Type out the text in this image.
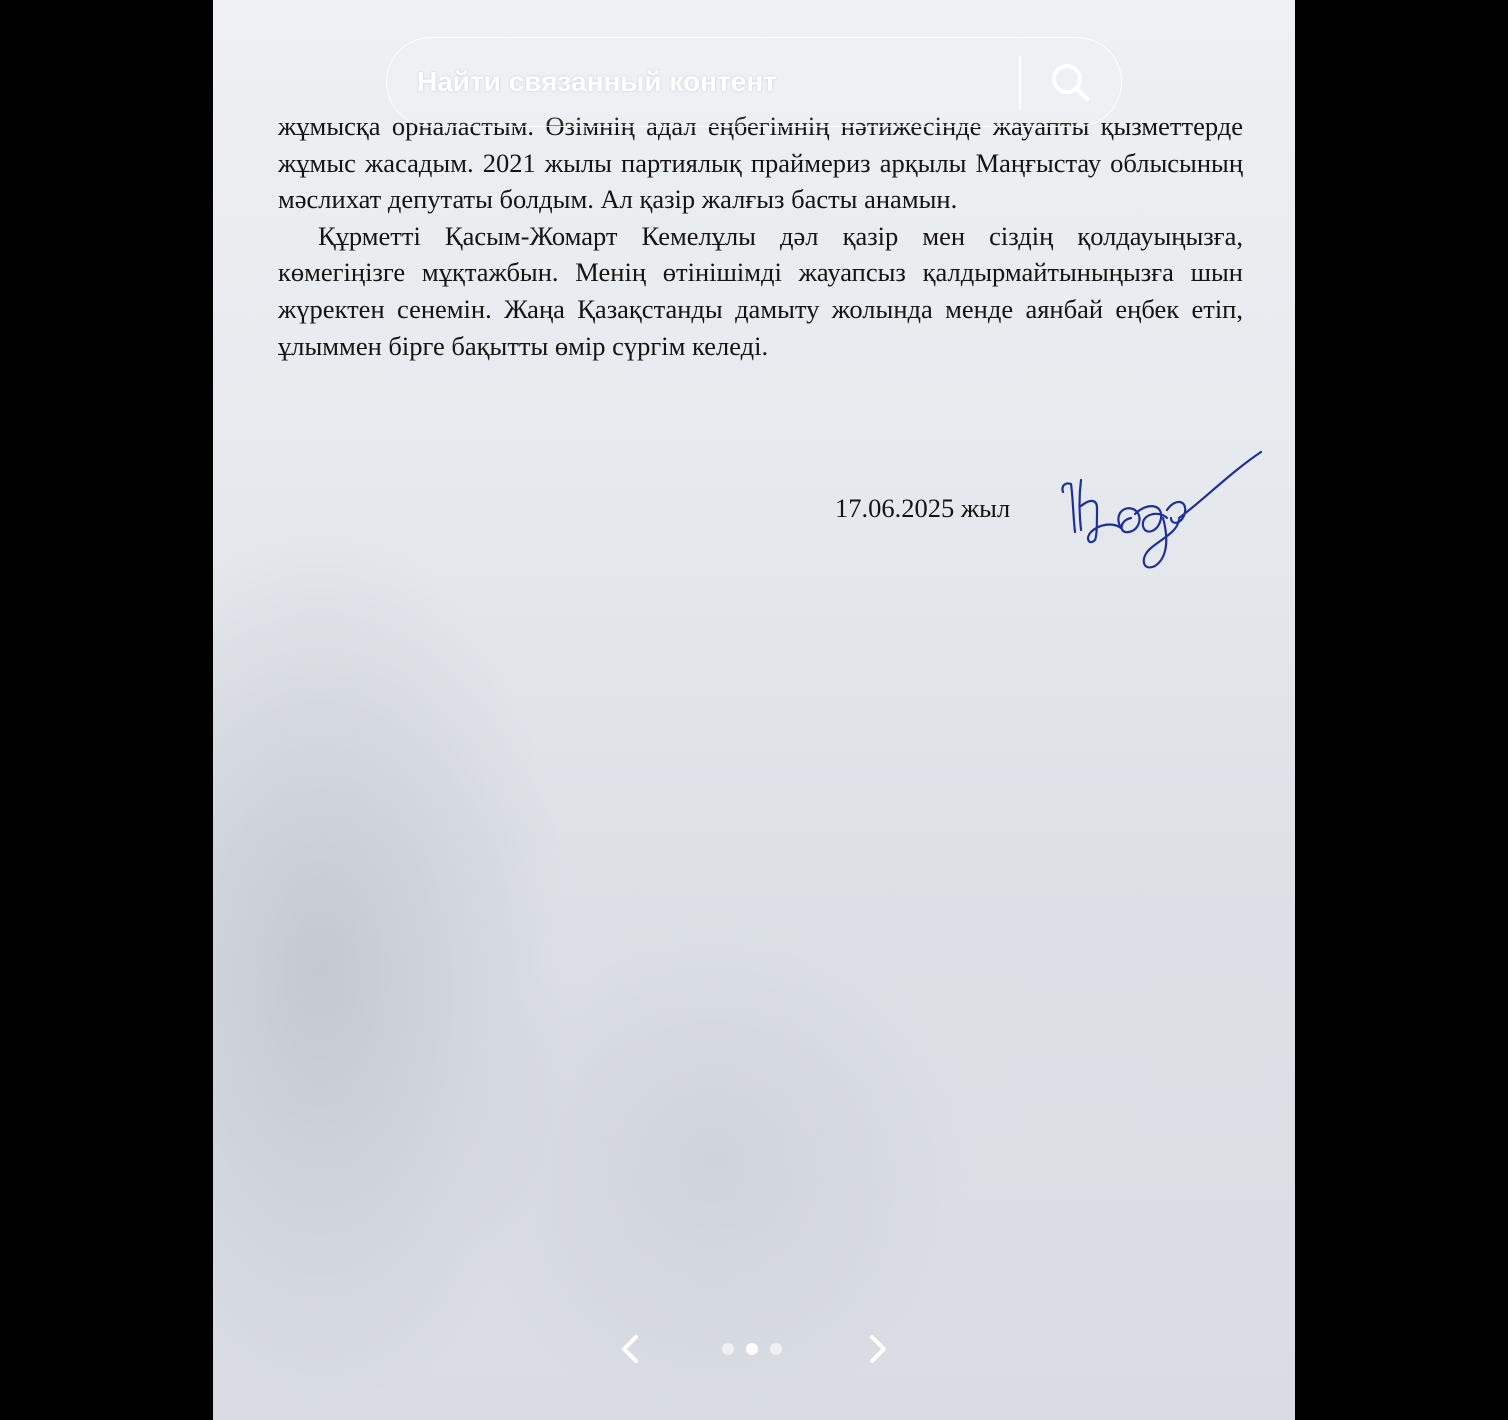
жұмысқа орналастым. Өзімнің адал еңбегімнің нәтижесінде жауапты қызметтерде жұмыс жасадым. 2021 жылы партиялық праймериз арқылы Маңғыстау облысының мәслихат депутаты болдым. Ал қазір жалғыз басты анамын.

Құрметті Қасым-Жомарт Кемелұлы дәл қазір мен сіздің қолдауыңызға, көмегіңізге мұқтажбын. Менің өтінішімді жауапсыз қалдырмайтыныңызға шын жүректен сенемін. Жаңа Қазақстанды дамыту жолында менде аянбай еңбек етіп, ұлыммен бірге бақытты өмір сүргім келеді.

17.06.2025 жыл
Найти связанный контент
